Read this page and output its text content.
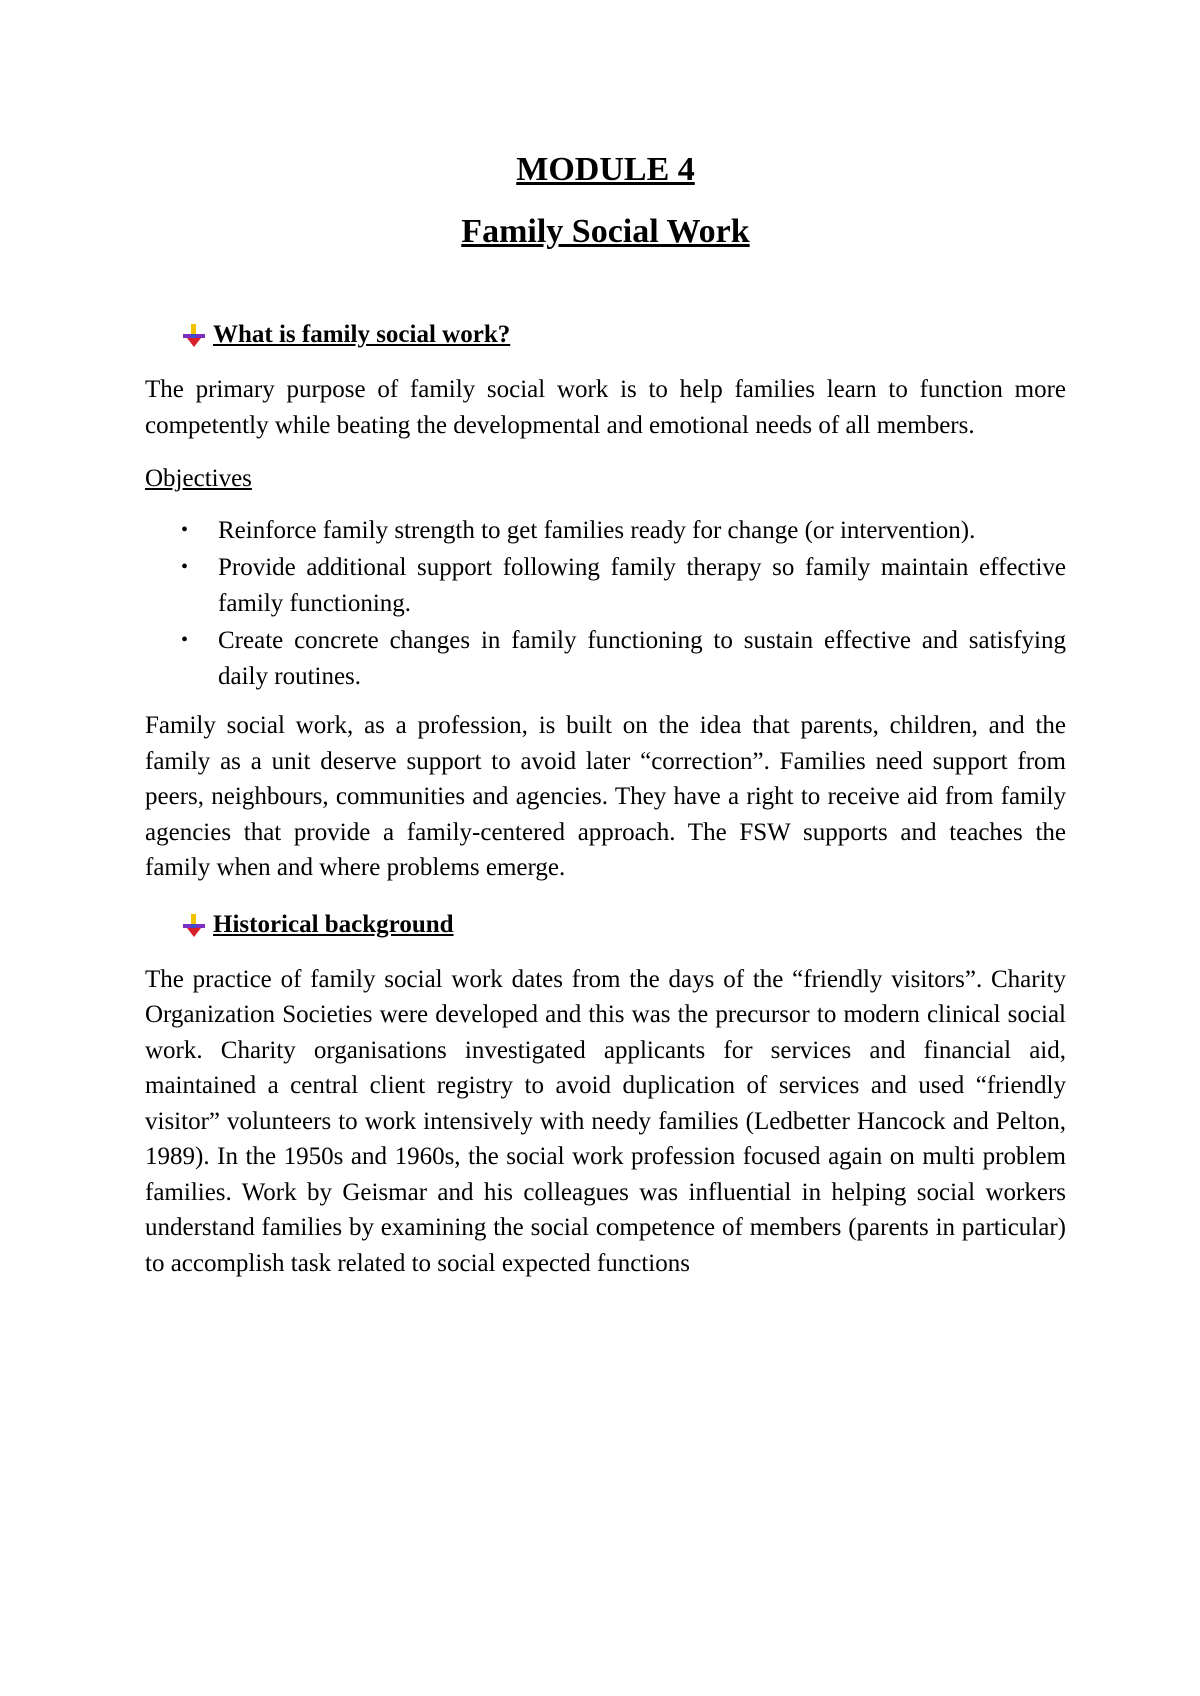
MODULE 4
Family Social Work
What is family social work?

The primary purpose of family social work is to help families learn to function more competently while beating the developmental and emotional needs of all members.

Objectives

• Reinforce family strength to get families ready for change (or intervention).
• Provide additional support following family therapy so family maintain effective family functioning.
• Create concrete changes in family functioning to sustain effective and satisfying daily routines.

Family social work, as a profession, is built on the idea that parents, children, and the family as a unit deserve support to avoid later “correction”. Families need support from peers, neighbours, communities and agencies. They have a right to receive aid from family agencies that provide a family-centered approach. The FSW supports and teaches the family when and where problems emerge.

Historical background

The practice of family social work dates from the days of the “friendly visitors”. Charity Organization Societies were developed and this was the precursor to modern clinical social work. Charity organisations investigated applicants for services and financial aid, maintained a central client registry to avoid duplication of services and used “friendly visitor” volunteers to work intensively with needy families (Ledbetter Hancock and Pelton, 1989). In the 1950s and 1960s, the social work profession focused again on multi problem families. Work by Geismar and his colleagues was influential in helping social workers understand families by examining the social competence of members (parents in particular) to accomplish task related to social expected functions
